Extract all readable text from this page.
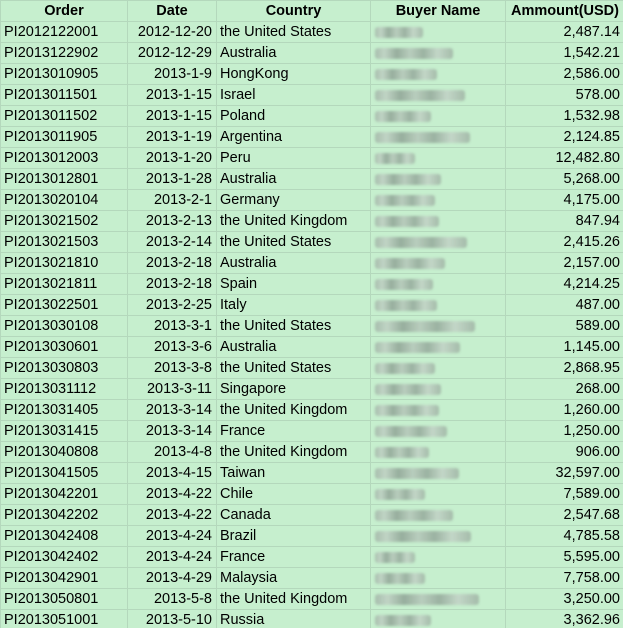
Order	Date	Country	Buyer Name	Ammount(USD)
PI2012122001	2012-12-20	the United States		2,487.14
PI2013122902	2012-12-29	Australia		1,542.21
PI2013010905	2013-1-9	HongKong		2,586.00
PI2013011501	2013-1-15	Israel		578.00
PI2013011502	2013-1-15	Poland		1,532.98
PI2013011905	2013-1-19	Argentina		2,124.85
PI2013012003	2013-1-20	Peru		12,482.80
PI2013012801	2013-1-28	Australia		5,268.00
PI2013020104	2013-2-1	Germany		4,175.00
PI2013021502	2013-2-13	the United Kingdom		847.94
PI2013021503	2013-2-14	the United States		2,415.26
PI2013021810	2013-2-18	Australia		2,157.00
PI2013021811	2013-2-18	Spain		4,214.25
PI2013022501	2013-2-25	Italy		487.00
PI2013030108	2013-3-1	the United States		589.00
PI2013030601	2013-3-6	Australia		1,145.00
PI2013030803	2013-3-8	the United States		2,868.95
PI2013031112	2013-3-11	Singapore		268.00
PI2013031405	2013-3-14	the United Kingdom		1,260.00
PI2013031415	2013-3-14	France		1,250.00
PI2013040808	2013-4-8	the United Kingdom		906.00
PI2013041505	2013-4-15	Taiwan		32,597.00
PI2013042201	2013-4-22	Chile		7,589.00
PI2013042202	2013-4-22	Canada		2,547.68
PI2013042408	2013-4-24	Brazil		4,785.58
PI2013042402	2013-4-24	France		5,595.00
PI2013042901	2013-4-29	Malaysia		7,758.00
PI2013050801	2013-5-8	the United Kingdom		3,250.00
PI2013051001	2013-5-10	Russia		3,362.96
